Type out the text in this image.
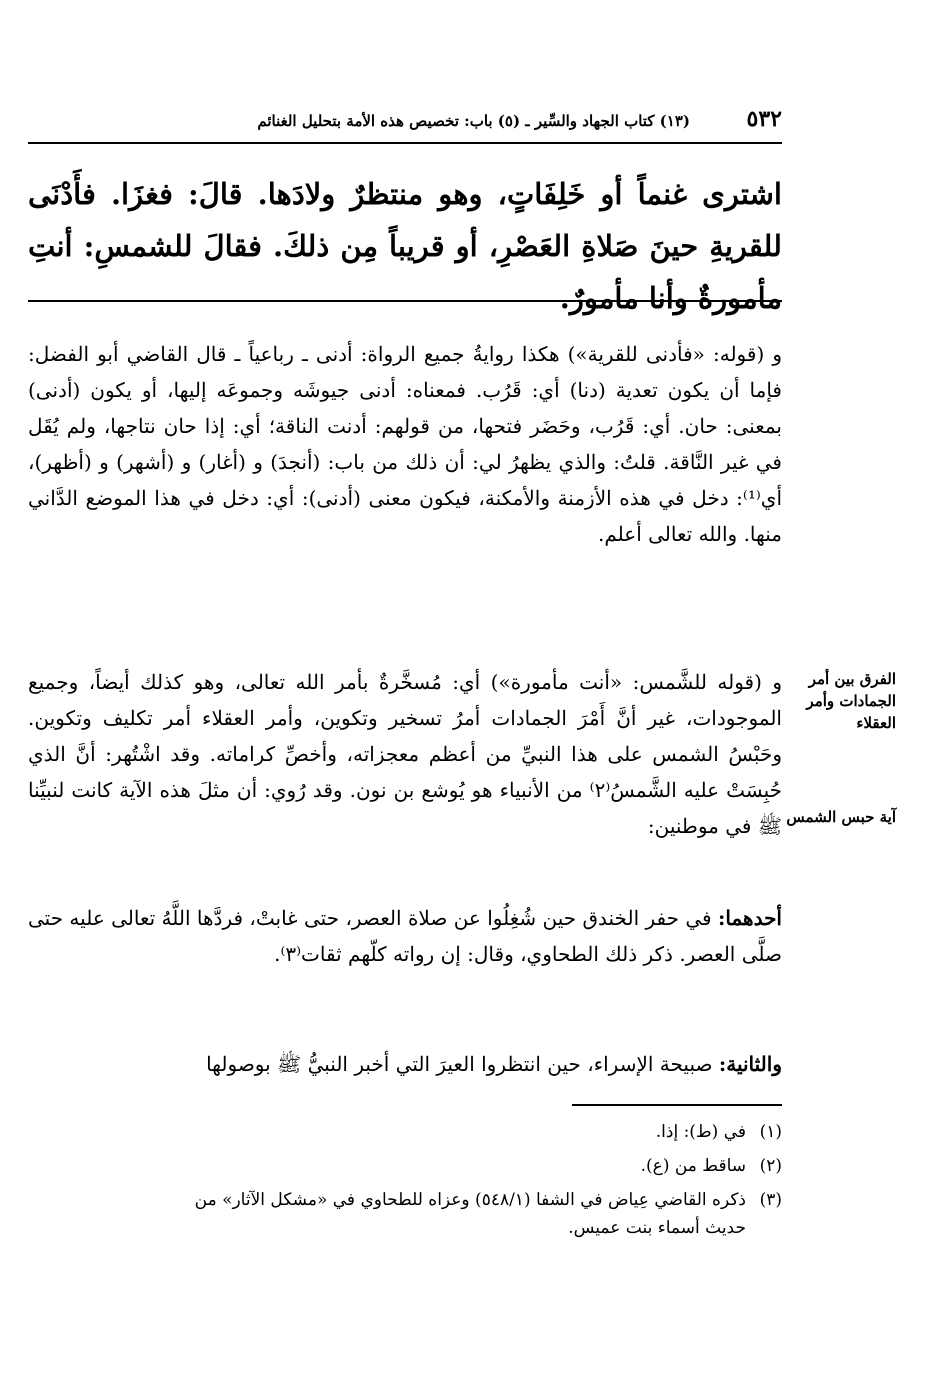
٥٣٢
(١٣) كتاب الجهاد والسِّير ـ (٥) باب: تخصيص هذه الأمة بتحليل الغنائم

اشترى غنماً أو خَلِفَاتٍ، وهو منتظرٌ ولادَها. قالَ: فغزَا. فأَدْنَى للقريةِ حينَ صَلاةِ العَصْرِ، أو قريباً مِن ذلكَ. فقالَ للشمسِ: أنتِ مأمورةٌ وأنا مأمورٌ.

و (قوله: «فأدنى للقرية») هكذا روايةُ جميع الرواة: أدنى ـ رباعياً ـ قال القاضي أبو الفضل: فإما أن يكون تعدية (دنا) أي: قَرُب. فمعناه: أدنى جيوشَه وجموعَه إليها، أو يكون (أدنى) بمعنى: حان. أي: قَرُب، وحَضَر فتحها، من قولهم: أدنت الناقة؛ أي: إذا حان نتاجها، ولم يُقَل في غير النَّاقة. قلتُ: والذي يظهرُ لي: أن ذلك من باب: (أنجدَ) و (أغار) و (أشهر) و (أظهر)، أي⁽¹⁾: دخل في هذه الأزمنة والأمكنة، فيكون معنى (أدنى): أي: دخل في هذا الموضع الدَّاني منها. والله تعالى أعلم.

و (قوله للشَّمس: «أنت مأمورة») أي: مُسخَّرةٌ بأمر الله تعالى، وهو كذلك أيضاً، وجميع الموجودات، غير أنَّ أَمْرَ الجمادات أمرُ تسخير وتكوين، وأمر العقلاء أمر تكليف وتكوين. وحَبْسُ الشمس على هذا النبيِّ من أعظم معجزاته، وأخصِّ كراماته. وقد اشْتُهر: أنَّ الذي حُبِسَتْ عليه الشَّمسُ⁽٢⁾ من الأنبياء هو يُوشع بن نون. وقد رُوي: أن مثلَ هذه الآية كانت لنبيِّنا ﷺ في موطنين:

الفرق بين أمر الجمادات وأمر العقلاء
آية حبس الشمس

أحدهما: في حفر الخندق حين شُغِلُوا عن صلاة العصر، حتى غابتْ، فردَّها اللَّهُ تعالى عليه حتى صلَّى العصر. ذكر ذلك الطحاوي، وقال: إن رواته كلّهم ثقات⁽٣⁾.

والثانية: صبيحة الإسراء، حين انتظروا العيرَ التي أخبر النبيُّ ﷺ بوصولها

(١)في (ط): إذا.
(٢)ساقط من (ع).
(٣)ذكره القاضي عِياض في الشفا (٥٤٨/١) وعزاه للطحاوي في «مشكل الآثار» من
حديث أسماء بنت عميس.
